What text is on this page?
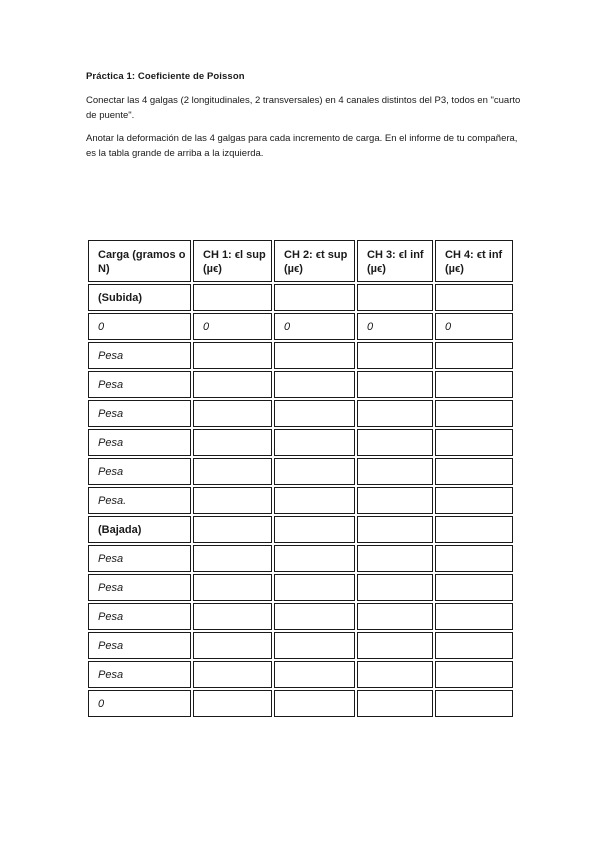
Práctica 1: Coeficiente de Poisson
Conectar las 4 galgas (2 longitudinales, 2 transversales) en 4 canales distintos del P3, todos en "cuarto de puente".
Anotar la deformación de las 4 galgas para cada incremento de carga. En el informe de tu compañera, es la tabla grande de arriba a la izquierda.
Carga (gramos o N)	CH 1: ϵl sup (µϵ)	CH 2: ϵt sup (µϵ)	CH 3: ϵl inf (µϵ)	CH 4: ϵt inf (µϵ)
(Subida)				
0	0	0	0	0
Pesa				
Pesa				
Pesa				
Pesa				
Pesa				
Pesa.				
(Bajada)				
Pesa				
Pesa				
Pesa				
Pesa				
Pesa				
0				
